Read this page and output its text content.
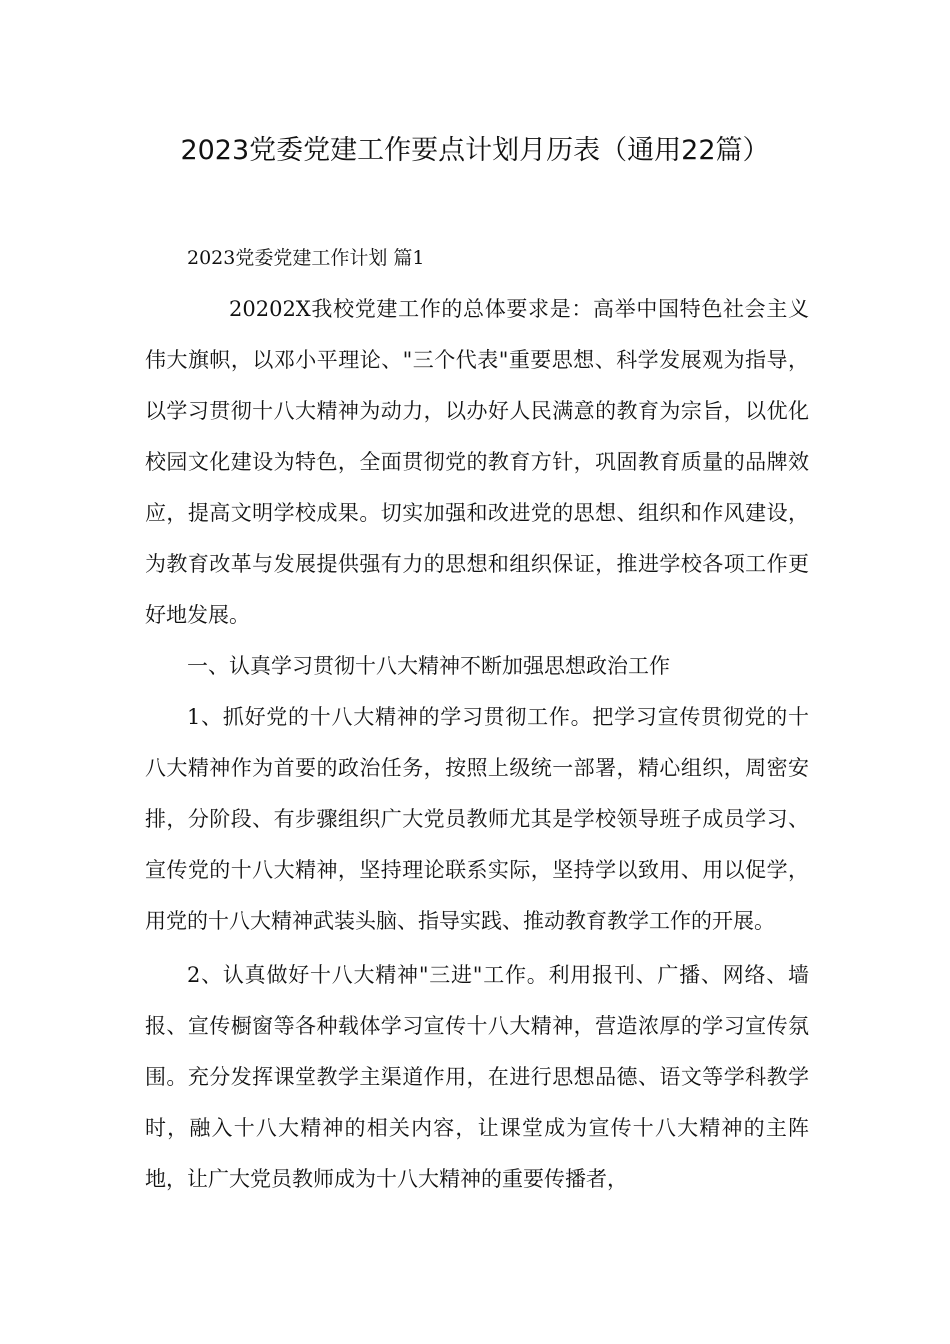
2023党委党建工作要点计划月历表（通用22篇）

2023党委党建工作计划 篇1

20202X我校党建工作的总体要求是：高举中国特色社会主义伟大旗帜，以邓小平理论、"三个代表"重要思想、科学发展观为指导，以学习贯彻十八大精神为动力，以办好人民满意的教育为宗旨，以优化校园文化建设为特色，全面贯彻党的教育方针，巩固教育质量的品牌效应，提高文明学校成果。切实加强和改进党的思想、组织和作风建设，为教育改革与发展提供强有力的思想和组织保证，推进学校各项工作更好地发展。

一、认真学习贯彻十八大精神不断加强思想政治工作

1、抓好党的十八大精神的学习贯彻工作。把学习宣传贯彻党的十八大精神作为首要的政治任务，按照上级统一部署，精心组织，周密安排，分阶段、有步骤组织广大党员教师尤其是学校领导班子成员学习、宣传党的十八大精神，坚持理论联系实际，坚持学以致用、用以促学，用党的十八大精神武装头脑、指导实践、推动教育教学工作的开展。

2、认真做好十八大精神"三进"工作。利用报刊、广播、网络、墙报、宣传橱窗等各种载体学习宣传十八大精神，营造浓厚的学习宣传氛围。充分发挥课堂教学主渠道作用，在进行思想品德、语文等学科教学时，融入十八大精神的相关内容，让课堂成为宣传十八大精神的主阵地，让广大党员教师成为十八大精神的重要传播者，
